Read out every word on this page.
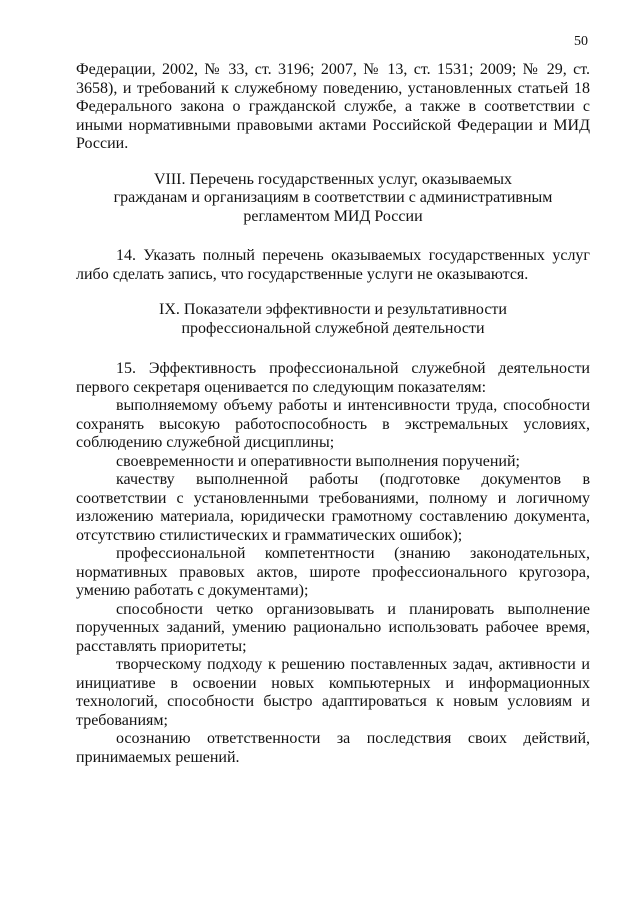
50

Федерации, 2002, № 33, ст. 3196; 2007, № 13, ст. 1531; 2009; № 29, ст. 3658), и требований к служебному поведению, установленных статьей 18 Федерального закона о гражданской службе, а также в соответствии с иными нормативными правовыми актами Российской Федерации и МИД России.

VIII. Перечень государственных услуг, оказываемых
гражданам и организациям в соответствии с административным
регламентом МИД России

14. Указать полный перечень оказываемых государственных услуг либо сделать запись, что государственные услуги не оказываются.

IX. Показатели эффективности и результативности
профессиональной служебной деятельности

15. Эффективность профессиональной служебной деятельности первого секретаря оценивается по следующим показателям:

выполняемому объему работы и интенсивности труда, способности сохранять высокую работоспособность в экстремальных условиях, соблюдению служебной дисциплины;

своевременности и оперативности выполнения поручений;

качеству выполненной работы (подготовке документов в соответствии с установленными требованиями, полному и логичному изложению материала, юридически грамотному составлению документа, отсутствию стилистических и грамматических ошибок);

профессиональной компетентности (знанию законодательных, нормативных правовых актов, широте профессионального кругозора, умению работать с документами);

способности четко организовывать и планировать выполнение порученных заданий, умению рационально использовать рабочее время, расставлять приоритеты;

творческому подходу к решению поставленных задач, активности и инициативе в освоении новых компьютерных и информационных технологий, способности быстро адаптироваться к новым условиям и требованиям;

осознанию ответственности за последствия своих действий, принимаемых решений.
